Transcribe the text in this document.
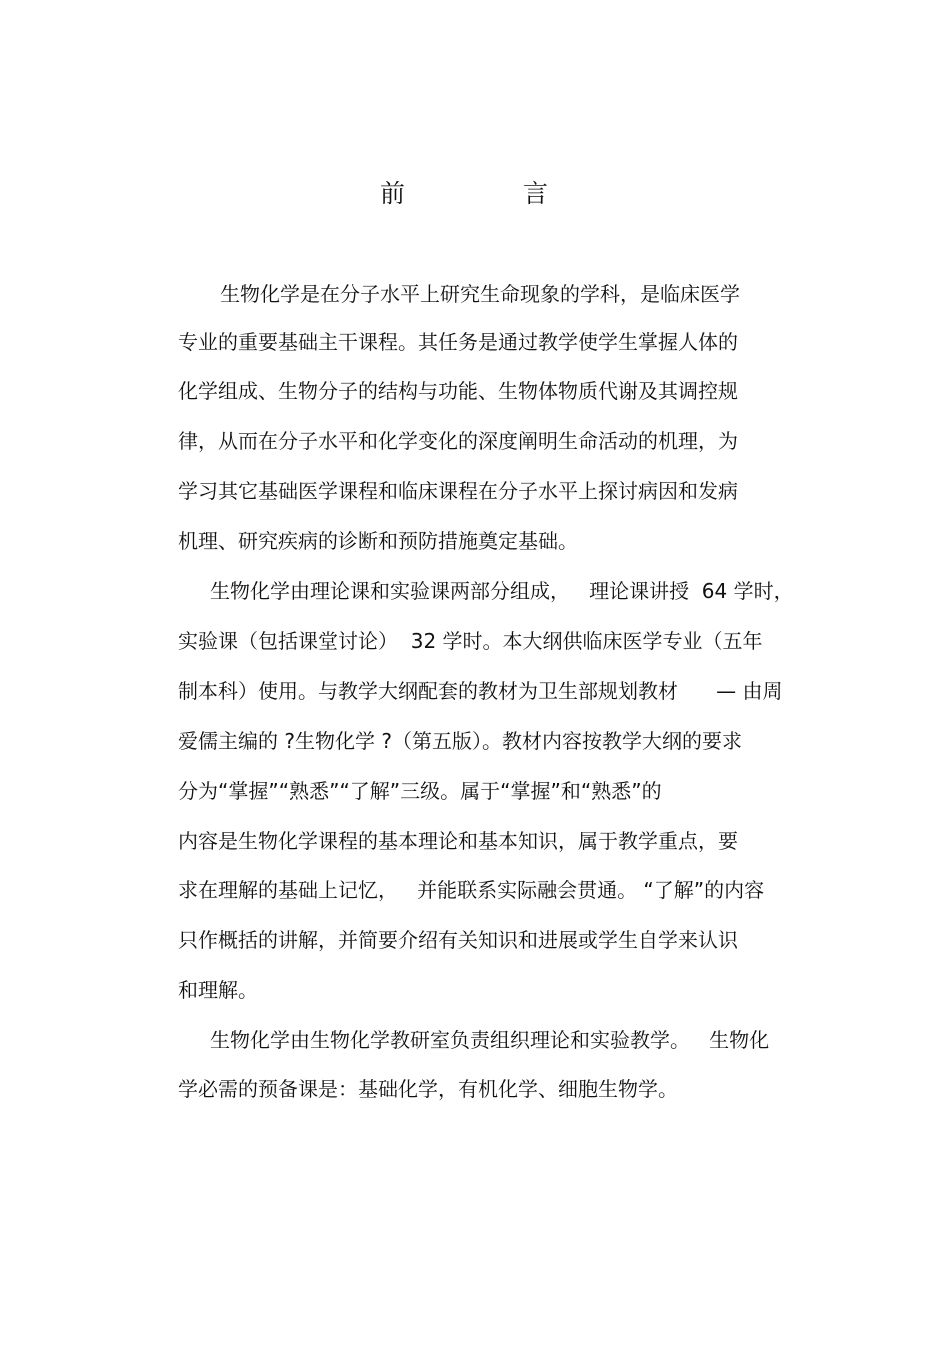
前 言
生物化学是在分子水平上研究生命现象的学科，是临床医学
专业的重要基础主干课程。其任务是通过教学使学生掌握人体的
化学组成、生物分子的结构与功能、生物体物质代谢及其调控规
律，从而在分子水平和化学变化的深度阐明生命活动的机理，为
学习其它基础医学课程和临床课程在分子水平上探讨病因和发病
机理、研究疾病的诊断和预防措施奠定基础。
生物化学由理论课和实验课两部分组成，   理论课讲授  64 学时，
实验课（包括课堂讨论）  32 学时。本大纲供临床医学专业（五年
制本科）使用。与教学大纲配套的教材为卫生部规划教材      — 由周
爱儒主编的 ?生物化学 ?（第五版）。教材内容按教学大纲的要求
分为“掌握”“熟悉”“了解”三级。属于“掌握”和“熟悉”的
内容是生物化学课程的基本理论和基本知识，属于教学重点，要
求在理解的基础上记忆，   并能联系实际融会贯通。 “了解”的内容
只作概括的讲解，并简要介绍有关知识和进展或学生自学来认识
和理解。
生物化学由生物化学教研室负责组织理论和实验教学。   生物化
学必需的预备课是：基础化学，有机化学、细胞生物学。
